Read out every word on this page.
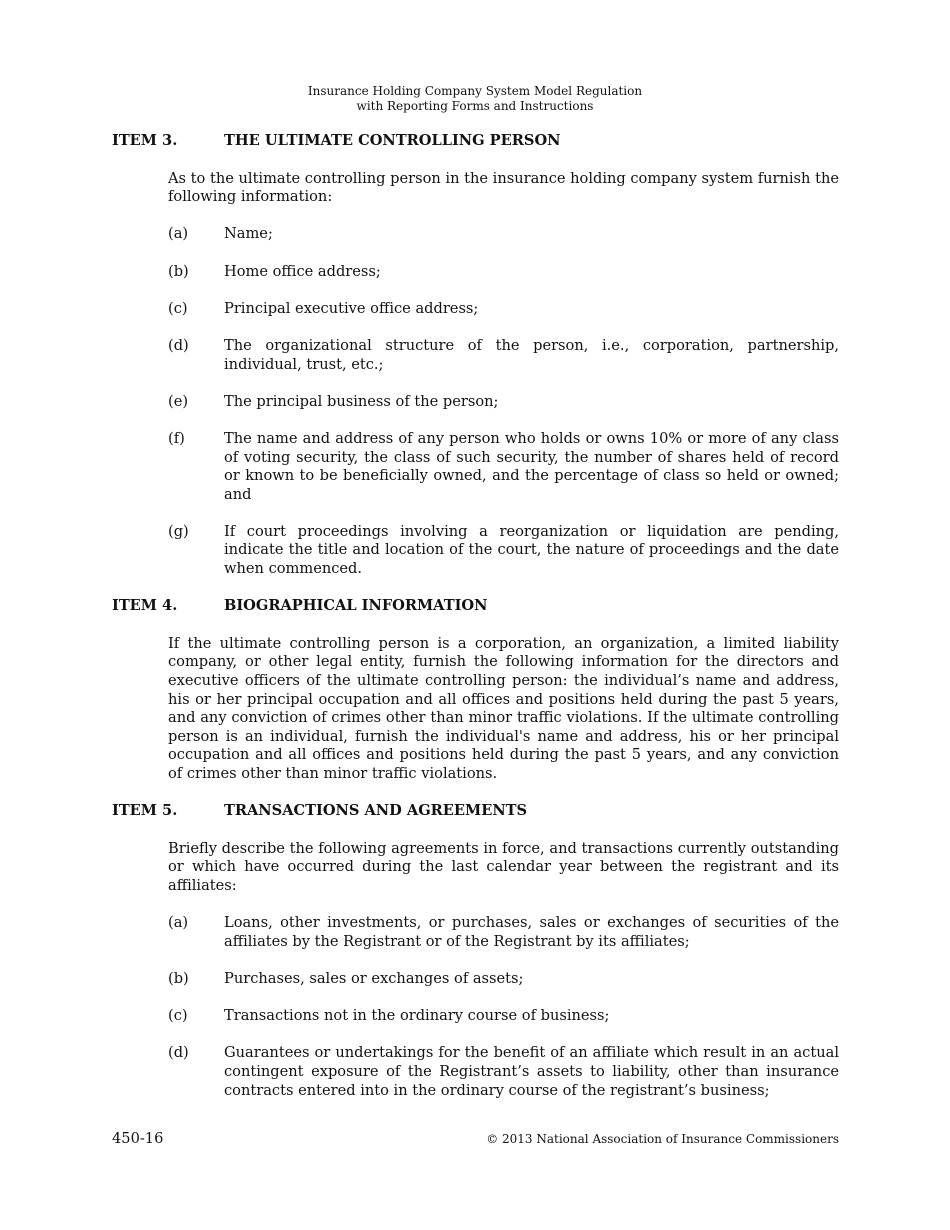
Insurance Holding Company System Model Regulation
with Reporting Forms and Instructions
ITEM 3.	THE ULTIMATE CONTROLLING PERSON
As to the ultimate controlling person in the insurance holding company system furnish the following information:
(a)	Name;
(b)	Home office address;
(c)	Principal executive office address;
(d)	The organizational structure of the person, i.e., corporation, partnership, individual, trust, etc.;
(e)	The principal business of the person;
(f)	The name and address of any person who holds or owns 10% or more of any class of voting security, the class of such security, the number of shares held of record or known to be beneficially owned, and the percentage of class so held or owned; and
(g)	If court proceedings involving a reorganization or liquidation are pending, indicate the title and location of the court, the nature of proceedings and the date when commenced.
ITEM 4.	BIOGRAPHICAL INFORMATION
If the ultimate controlling person is a corporation, an organization, a limited liability company, or other legal entity, furnish the following information for the directors and executive officers of the ultimate controlling person: the individual’s name and address, his or her principal occupation and all offices and positions held during the past 5 years, and any conviction of crimes other than minor traffic violations. If the ultimate controlling person is an individual, furnish the individual's name and address, his or her principal occupation and all offices and positions held during the past 5 years, and any conviction of crimes other than minor traffic violations.
ITEM 5.	TRANSACTIONS AND AGREEMENTS
Briefly describe the following agreements in force, and transactions currently outstanding or which have occurred during the last calendar year between the registrant and its affiliates:
(a)	Loans, other investments, or purchases, sales or exchanges of securities of the affiliates by the Registrant or of the Registrant by its affiliates;
(b)	Purchases, sales or exchanges of assets;
(c)	Transactions not in the ordinary course of business;
(d)	Guarantees or undertakings for the benefit of an affiliate which result in an actual contingent exposure of the Registrant’s assets to liability, other than insurance contracts entered into in the ordinary course of the registrant’s business;
450-16	© 2013 National Association of Insurance Commissioners
